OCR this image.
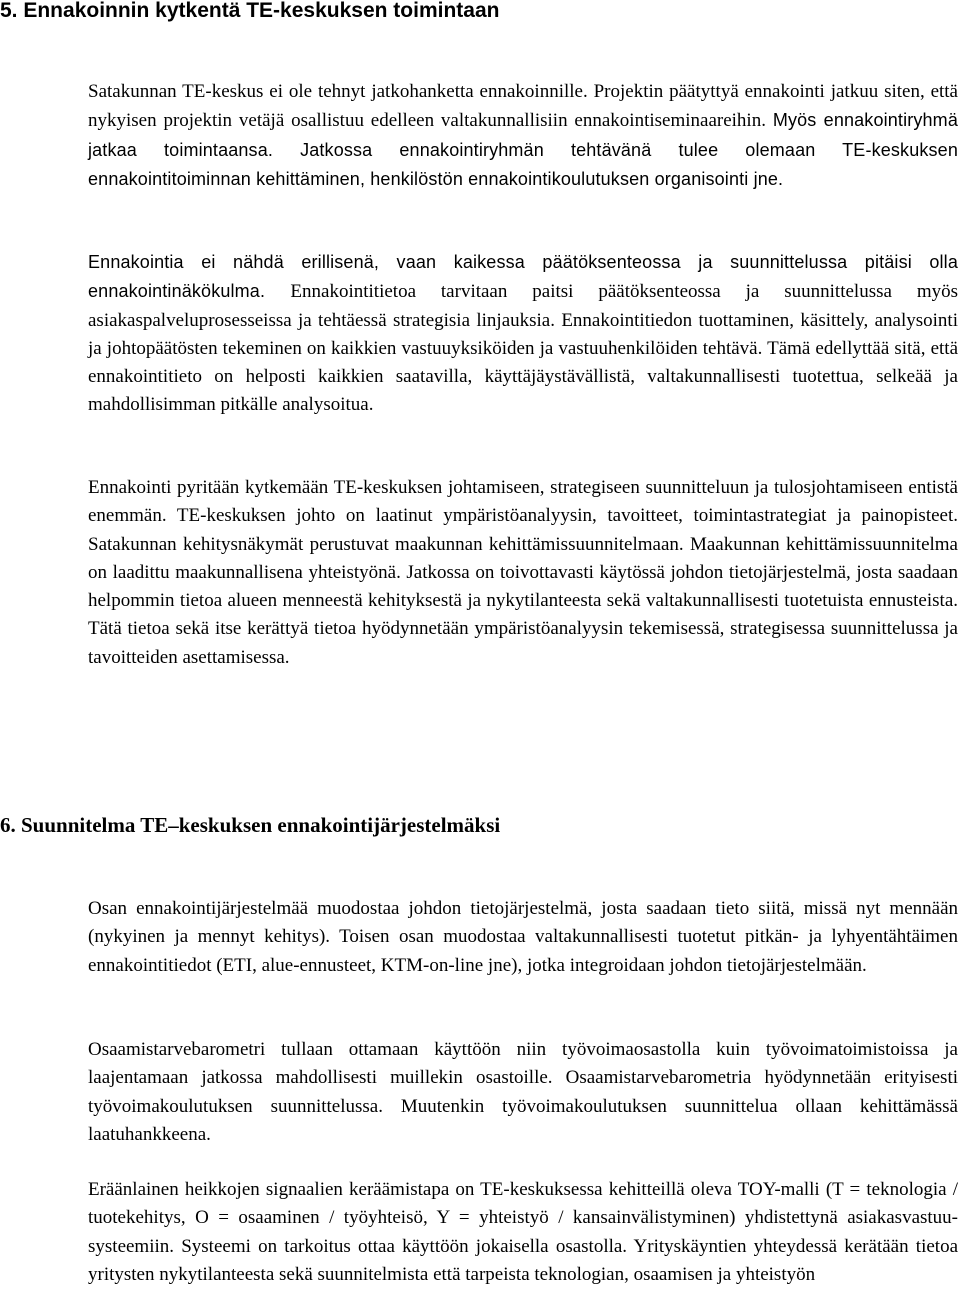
5. Ennakoinnin kytkentä TE-keskuksen toimintaan

Satakunnan TE-keskus ei ole tehnyt jatkohanketta ennakoinnille. Projektin päätyttyä ennakointi jatkuu siten, että nykyisen projektin vetäjä osallistuu edelleen valtakunnallisiin ennakointiseminaareihin. Myös ennakointiryhmä jatkaa toimintaansa. Jatkossa ennakointiryhmän tehtävänä tulee olemaan TE-keskuksen ennakointitoiminnan kehittäminen, henkilöstön ennakointikoulutuksen organisointi jne.

Ennakointia ei nähdä erillisenä, vaan kaikessa päätöksenteossa ja suunnittelussa pitäisi olla ennakointinäkökulma. Ennakointitietoa tarvitaan paitsi päätöksenteossa ja suunnittelussa myös asiakaspalveluprosesseissa ja tehtäessä strategisia linjauksia. Ennakointitiedon tuottaminen, käsittely, analysointi ja johtopäätösten tekeminen on kaikkien vastuuyksiköiden ja vastuuhenkilöiden tehtävä. Tämä edellyttää sitä, että ennakointitieto on helposti kaikkien saatavilla, käyttäjäystävällistä, valtakunnallisesti tuotettua, selkeää ja mahdollisimman pitkälle analysoitua.

Ennakointi pyritään kytkemään TE-keskuksen johtamiseen, strategiseen suunnitteluun ja tulosjohtamiseen entistä enemmän. TE-keskuksen johto on laatinut ympäristöanalyysin, tavoitteet, toimintastrategiat ja painopisteet. Satakunnan kehitysnäkymät perustuvat maakunnan kehittämissuunnitelmaan. Maakunnan kehittämissuunnitelma on laadittu maakunnallisena yhteistyönä. Jatkossa on toivottavasti käytössä johdon tietojärjestelmä, josta saadaan helpommin tietoa alueen menneestä kehityksestä ja nykytilanteesta sekä valtakunnallisesti tuotetuista ennusteista. Tätä tietoa sekä itse kerättyä tietoa hyödynnetään ympäristöanalyysin tekemisessä, strategisessa suunnittelussa ja tavoitteiden asettamisessa.

6. Suunnitelma TE–keskuksen ennakointijärjestelmäksi

Osan ennakointijärjestelmää muodostaa johdon tietojärjestelmä, josta saadaan tieto siitä, missä nyt mennään (nykyinen ja mennyt kehitys). Toisen osan muodostaa valtakunnallisesti tuotetut pitkän- ja lyhyentähtäimen ennakointitiedot (ETI, alue-ennusteet, KTM-on-line jne), jotka integroidaan johdon tietojärjestelmään.

Osaamistarvebarometri tullaan ottamaan käyttöön niin työvoimaosastolla kuin työvoimatoimistoissa ja laajentamaan jatkossa mahdollisesti muillekin osastoille. Osaamistarvebarometria hyödynnetään erityisesti työvoimakoulutuksen suunnittelussa. Muutenkin työvoimakoulutuksen suunnittelua ollaan kehittämässä laatuhankkeena.

Eräänlainen heikkojen signaalien keräämistapa on TE-keskuksessa kehitteillä oleva TOY-malli (T = teknologia / tuotekehitys, O = osaaminen / työyhteisö, Y = yhteistyö / kansainvälistyminen) yhdistettynä asiakasvastuu-systeemiin. Systeemi on tarkoitus ottaa käyttöön jokaisella osastolla. Yrityskäyntien yhteydessä kerätään tietoa yritysten nykytilanteesta sekä suunnitelmista että tarpeista teknologian, osaamisen ja yhteistyön
